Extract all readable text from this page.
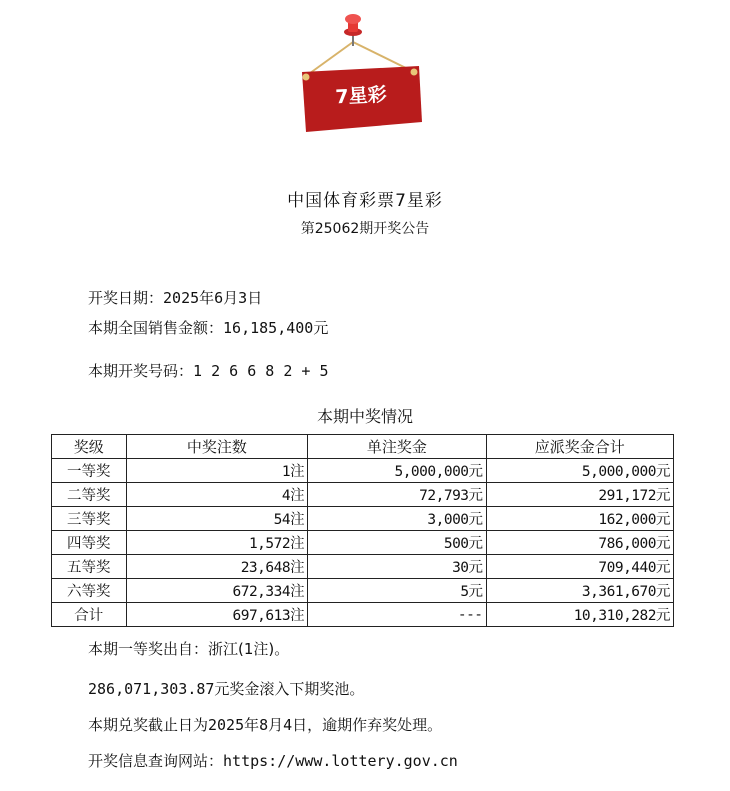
7星彩
中国体育彩票7星彩
第25062期开奖公告
开奖日期：2025年6月3日
本期全国销售金额：16,185,400元
本期开奖号码：1 2 6 6 8 2 + 5
本期中奖情况
奖级	中奖注数	单注奖金	应派奖金合计
一等奖	1注	5,000,000元	5,000,000元
二等奖	4注	72,793元	291,172元
三等奖	54注	3,000元	162,000元
四等奖	1,572注	500元	786,000元
五等奖	23,648注	30元	709,440元
六等奖	672,334注	5元	3,361,670元
合计	697,613注	---	10,310,282元
本期一等奖出自：浙江(1注)。
286,071,303.87元奖金滚入下期奖池。
本期兑奖截止日为2025年8月4日，逾期作弃奖处理。
开奖信息查询网站：https://www.lottery.gov.cn
